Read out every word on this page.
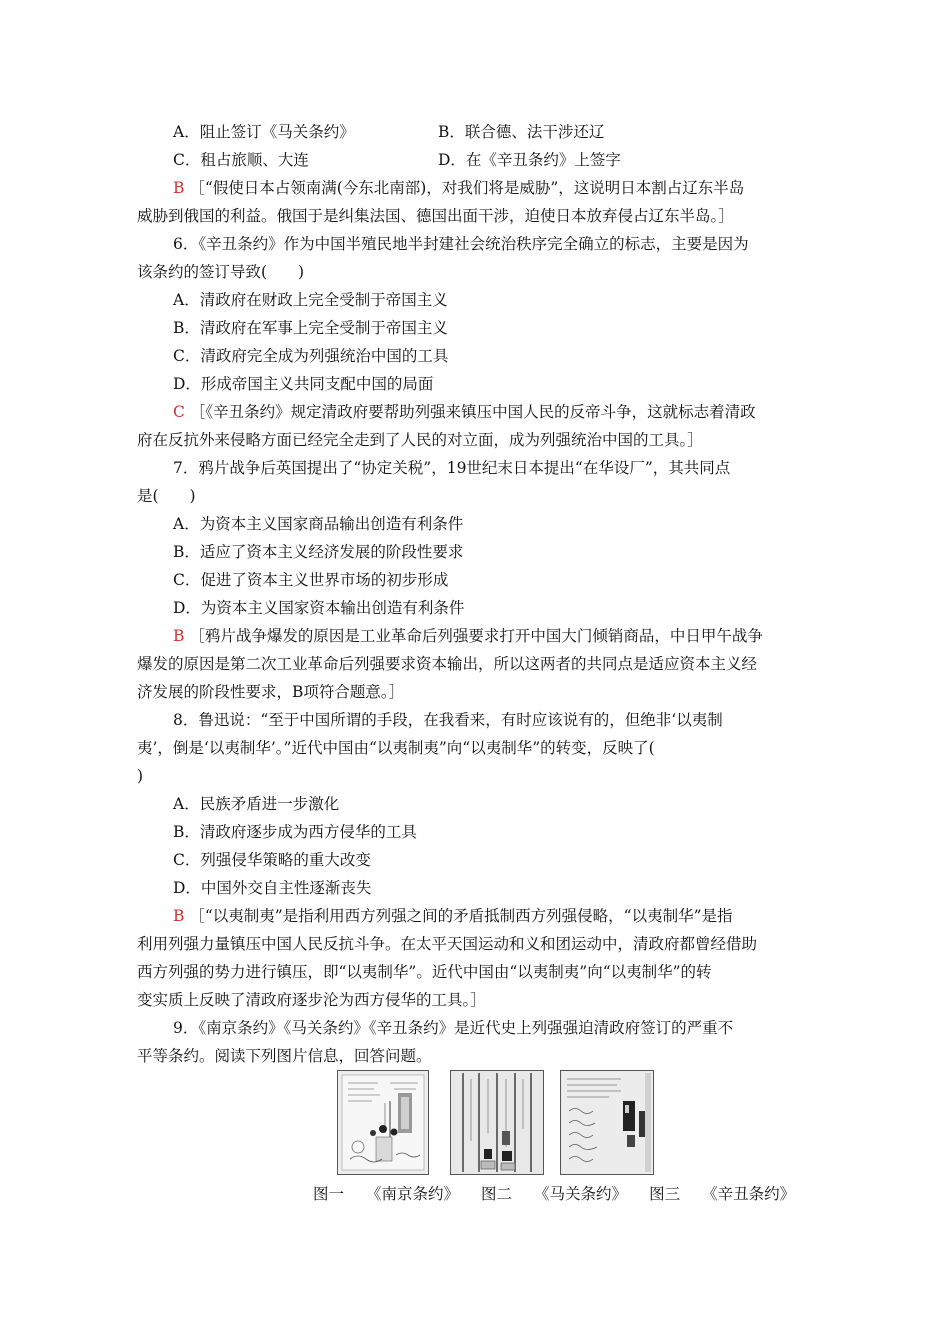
A．阻止签订《马关条约》	B．联合德、法干涉还辽
C．租占旅顺、大连	D．在《辛丑条约》上签字
B ［“假使日本占领南满(今东北南部)，对我们将是威胁”，这说明日本割占辽东半岛
威胁到俄国的利益。俄国于是纠集法国、德国出面干涉，迫使日本放弃侵占辽东半岛。］
6．《辛丑条约》作为中国半殖民地半封建社会统治秩序完全确立的标志，主要是因为
该条约的签订导致(　　)
A．清政府在财政上完全受制于帝国主义
B．清政府在军事上完全受制于帝国主义
C．清政府完全成为列强统治中国的工具
D．形成帝国主义共同支配中国的局面
C ［《辛丑条约》规定清政府要帮助列强来镇压中国人民的反帝斗争，这就标志着清政
府在反抗外来侵略方面已经完全走到了人民的对立面，成为列强统治中国的工具。］
7．鸦片战争后英国提出了“协定关税”，19世纪末日本提出“在华设厂”，其共同点
是(　　)
A．为资本主义国家商品输出创造有利条件
B．适应了资本主义经济发展的阶段性要求
C．促进了资本主义世界市场的初步形成
D．为资本主义国家资本输出创造有利条件
B ［鸦片战争爆发的原因是工业革命后列强要求打开中国大门倾销商品，中日甲午战争
爆发的原因是第二次工业革命后列强要求资本输出，所以这两者的共同点是适应资本主义经
济发展的阶段性要求，B项符合题意。］
8．鲁迅说：“至于中国所谓的手段，在我看来，有时应该说有的，但绝非‘以夷制
夷’，倒是‘以夷制华’。”近代中国由“以夷制夷”向“以夷制华”的转变，反映了(
)
A．民族矛盾进一步激化
B．清政府逐步成为西方侵华的工具
C．列强侵华策略的重大改变
D．中国外交自主性逐渐丧失
B ［“以夷制夷”是指利用西方列强之间的矛盾抵制西方列强侵略，“以夷制华”是指
利用列强力量镇压中国人民反抗斗争。在太平天国运动和义和团运动中，清政府都曾经借助
西方列强的势力进行镇压，即“以夷制华”。近代中国由“以夷制夷”向“以夷制华”的转
变实质上反映了清政府逐步沦为西方侵华的工具。］
9．《南京条约》《马关条约》《辛丑条约》是近代史上列强强迫清政府签订的严重不
平等条约。阅读下列图片信息，回答问题。
图一 《南京条约》 图二 《马关条约》 图三 《辛丑条约》
